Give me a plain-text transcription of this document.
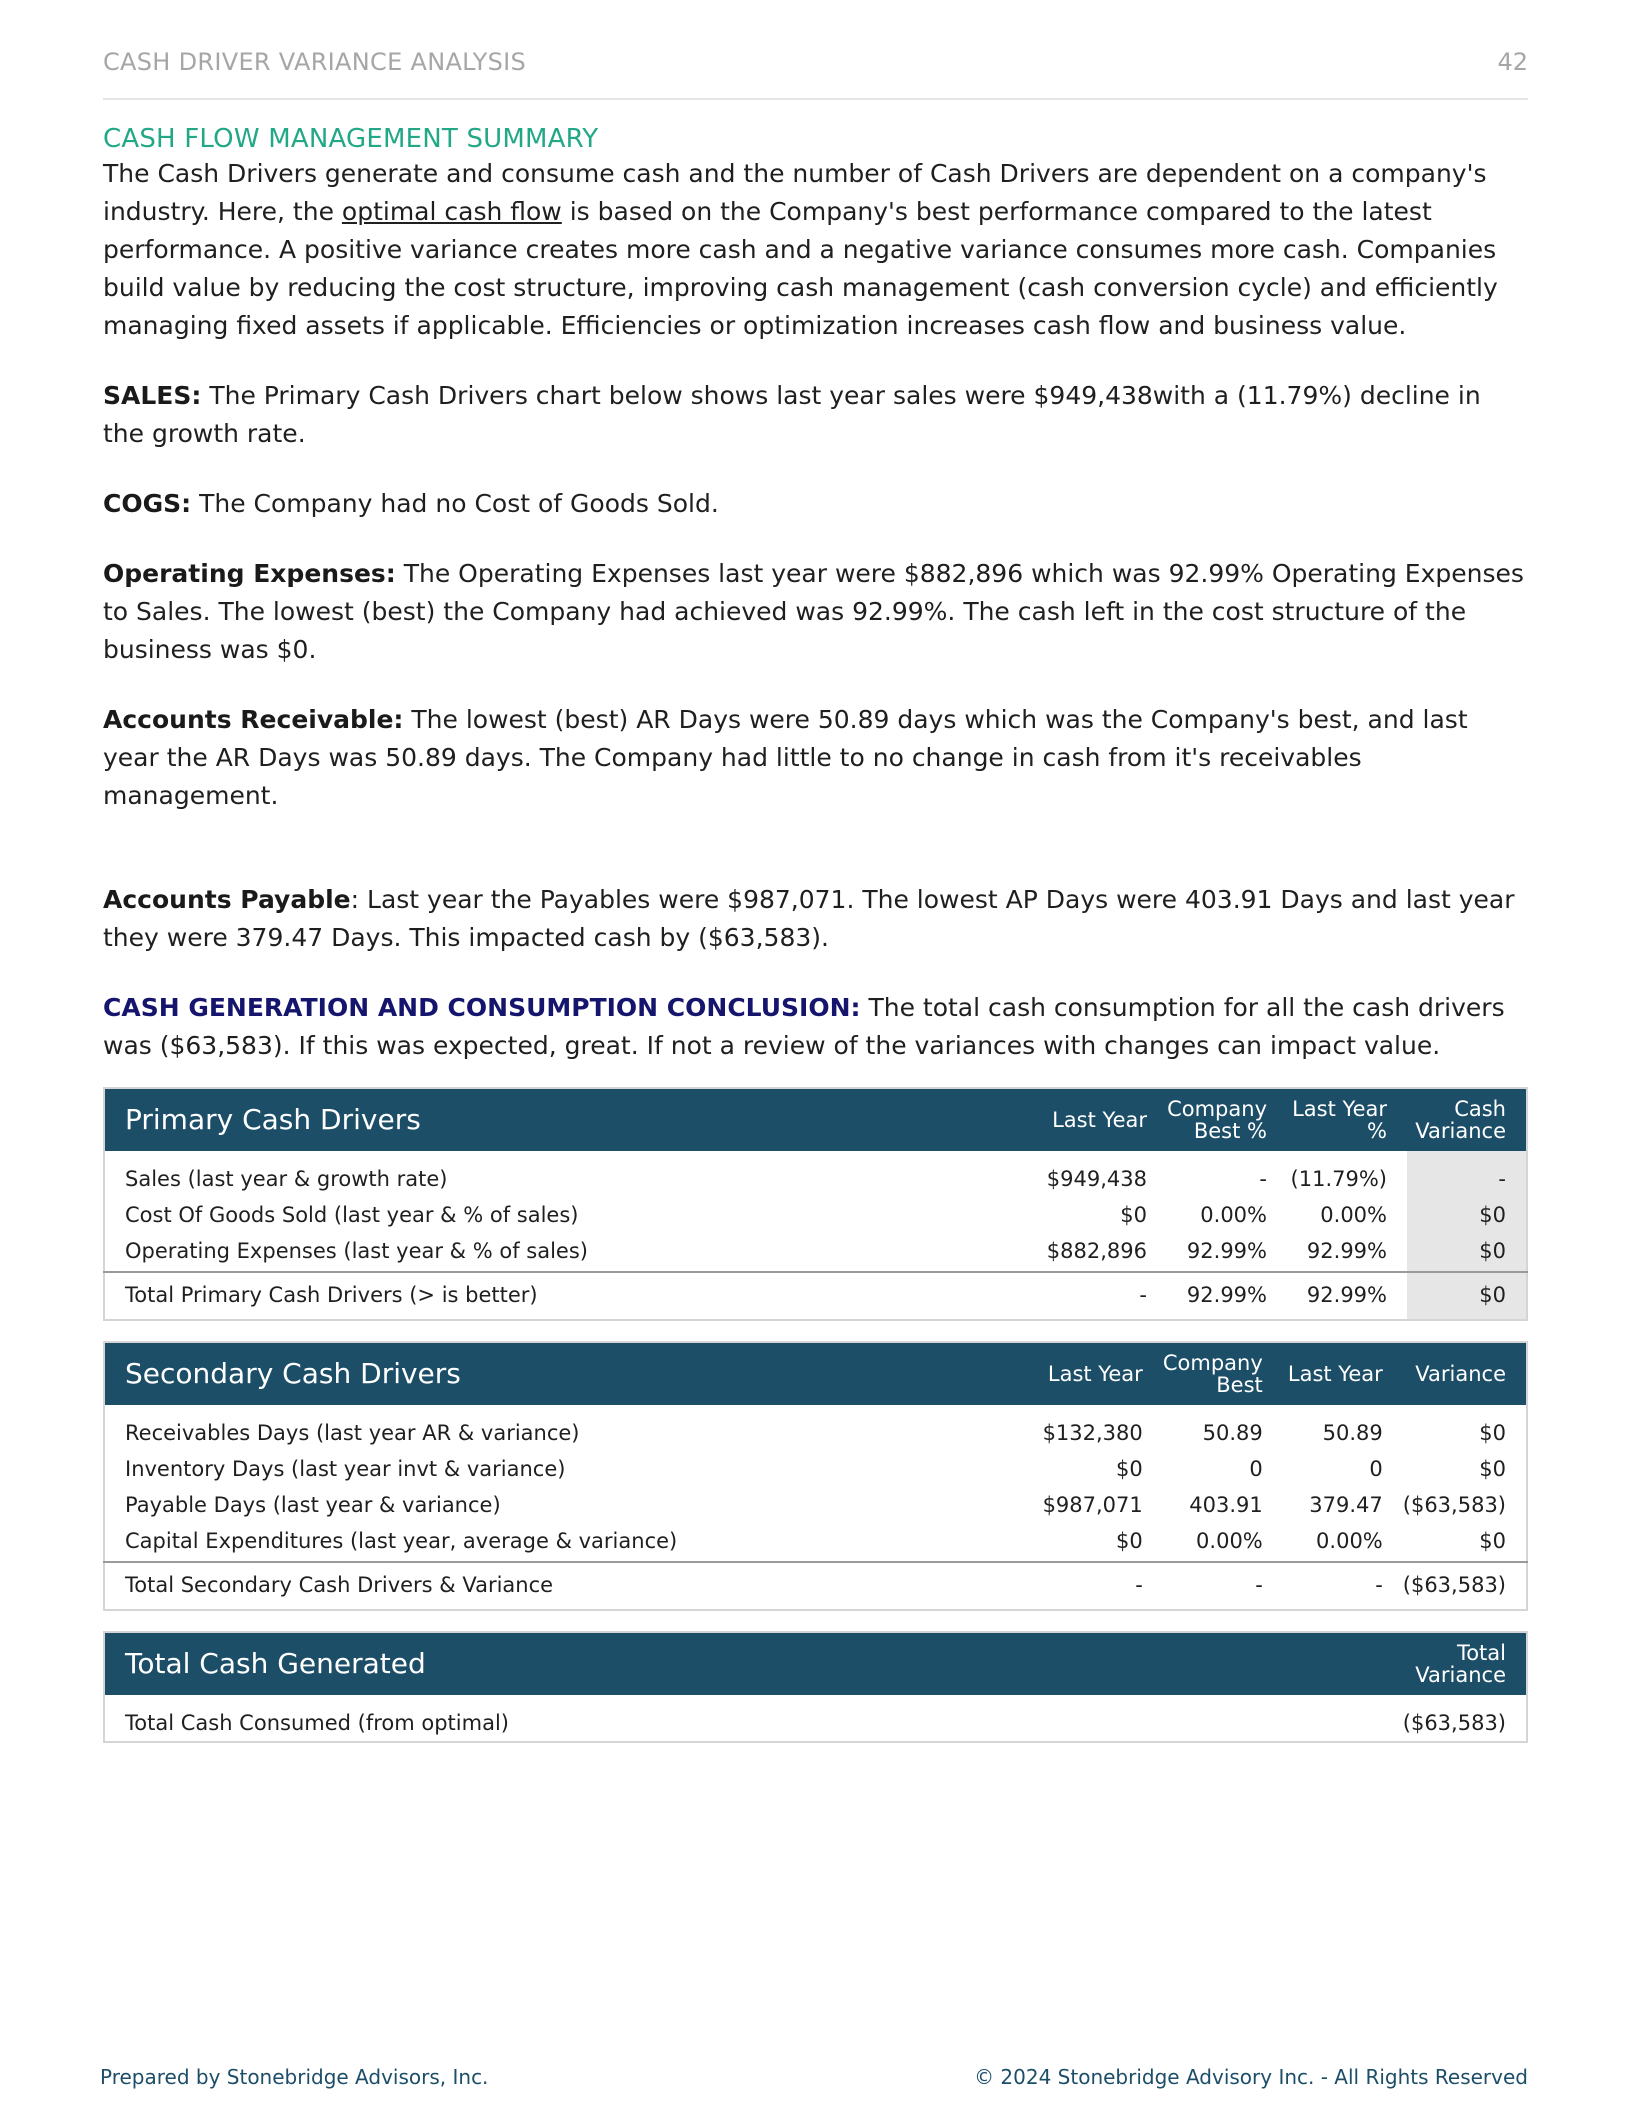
CASH DRIVER VARIANCE ANALYSIS	42
CASH FLOW MANAGEMENT SUMMARY

The Cash Drivers generate and consume cash and the number of Cash Drivers are dependent on a company's industry. Here, the optimal cash flow is based on the Company's best performance compared to the latest performance. A positive variance creates more cash and a negative variance consumes more cash. Companies build value by reducing the cost structure, improving cash management (cash conversion cycle) and efficiently managing fixed assets if applicable. Efficiencies or optimization increases cash flow and business value.

SALES: The Primary Cash Drivers chart below shows last year sales were $949,438with a (11.79%) decline in the growth rate.

COGS: The Company had no Cost of Goods Sold.

Operating Expenses: The Operating Expenses last year were $882,896 which was 92.99% Operating Expenses to Sales. The lowest (best) the Company had achieved was 92.99%. The cash left in the cost structure of the business was $0.

Accounts Receivable: The lowest (best) AR Days were 50.89 days which was the Company's best, and last year the AR Days was 50.89 days. The Company had little to no change in cash from it's receivables management.

Accounts Payable: Last year the Payables were $987,071. The lowest AP Days were 403.91 Days and last year they were 379.47 Days. This impacted cash by ($63,583).

CASH GENERATION AND CONSUMPTION CONCLUSION: The total cash consumption for all the cash drivers was ($63,583). If this was expected, great. If not a review of the variances with changes can impact value.

Primary Cash Drivers	Last Year	Company Best %	Last Year %	Cash Variance
Sales (last year & growth rate)	$949,438	-	(11.79%)	-
Cost Of Goods Sold (last year & % of sales)	$0	0.00%	0.00%	$0
Operating Expenses (last year & % of sales)	$882,896	92.99%	92.99%	$0
Total Primary Cash Drivers (> is better)	-	92.99%	92.99%	$0
Secondary Cash Drivers	Last Year	Company Best	Last Year	Variance
Receivables Days (last year AR & variance)	$132,380	50.89	50.89	$0
Inventory Days (last year invt & variance)	$0	0	0	$0
Payable Days (last year & variance)	$987,071	403.91	379.47	($63,583)
Capital Expenditures (last year, average & variance)	$0	0.00%	0.00%	$0
Total Secondary Cash Drivers & Variance	-	-	-	($63,583)
Total Cash Generated	Total Variance
Total Cash Consumed (from optimal)	($63,583)
Prepared by Stonebridge Advisors, Inc.	© 2024 Stonebridge Advisory Inc. - All Rights Reserved
